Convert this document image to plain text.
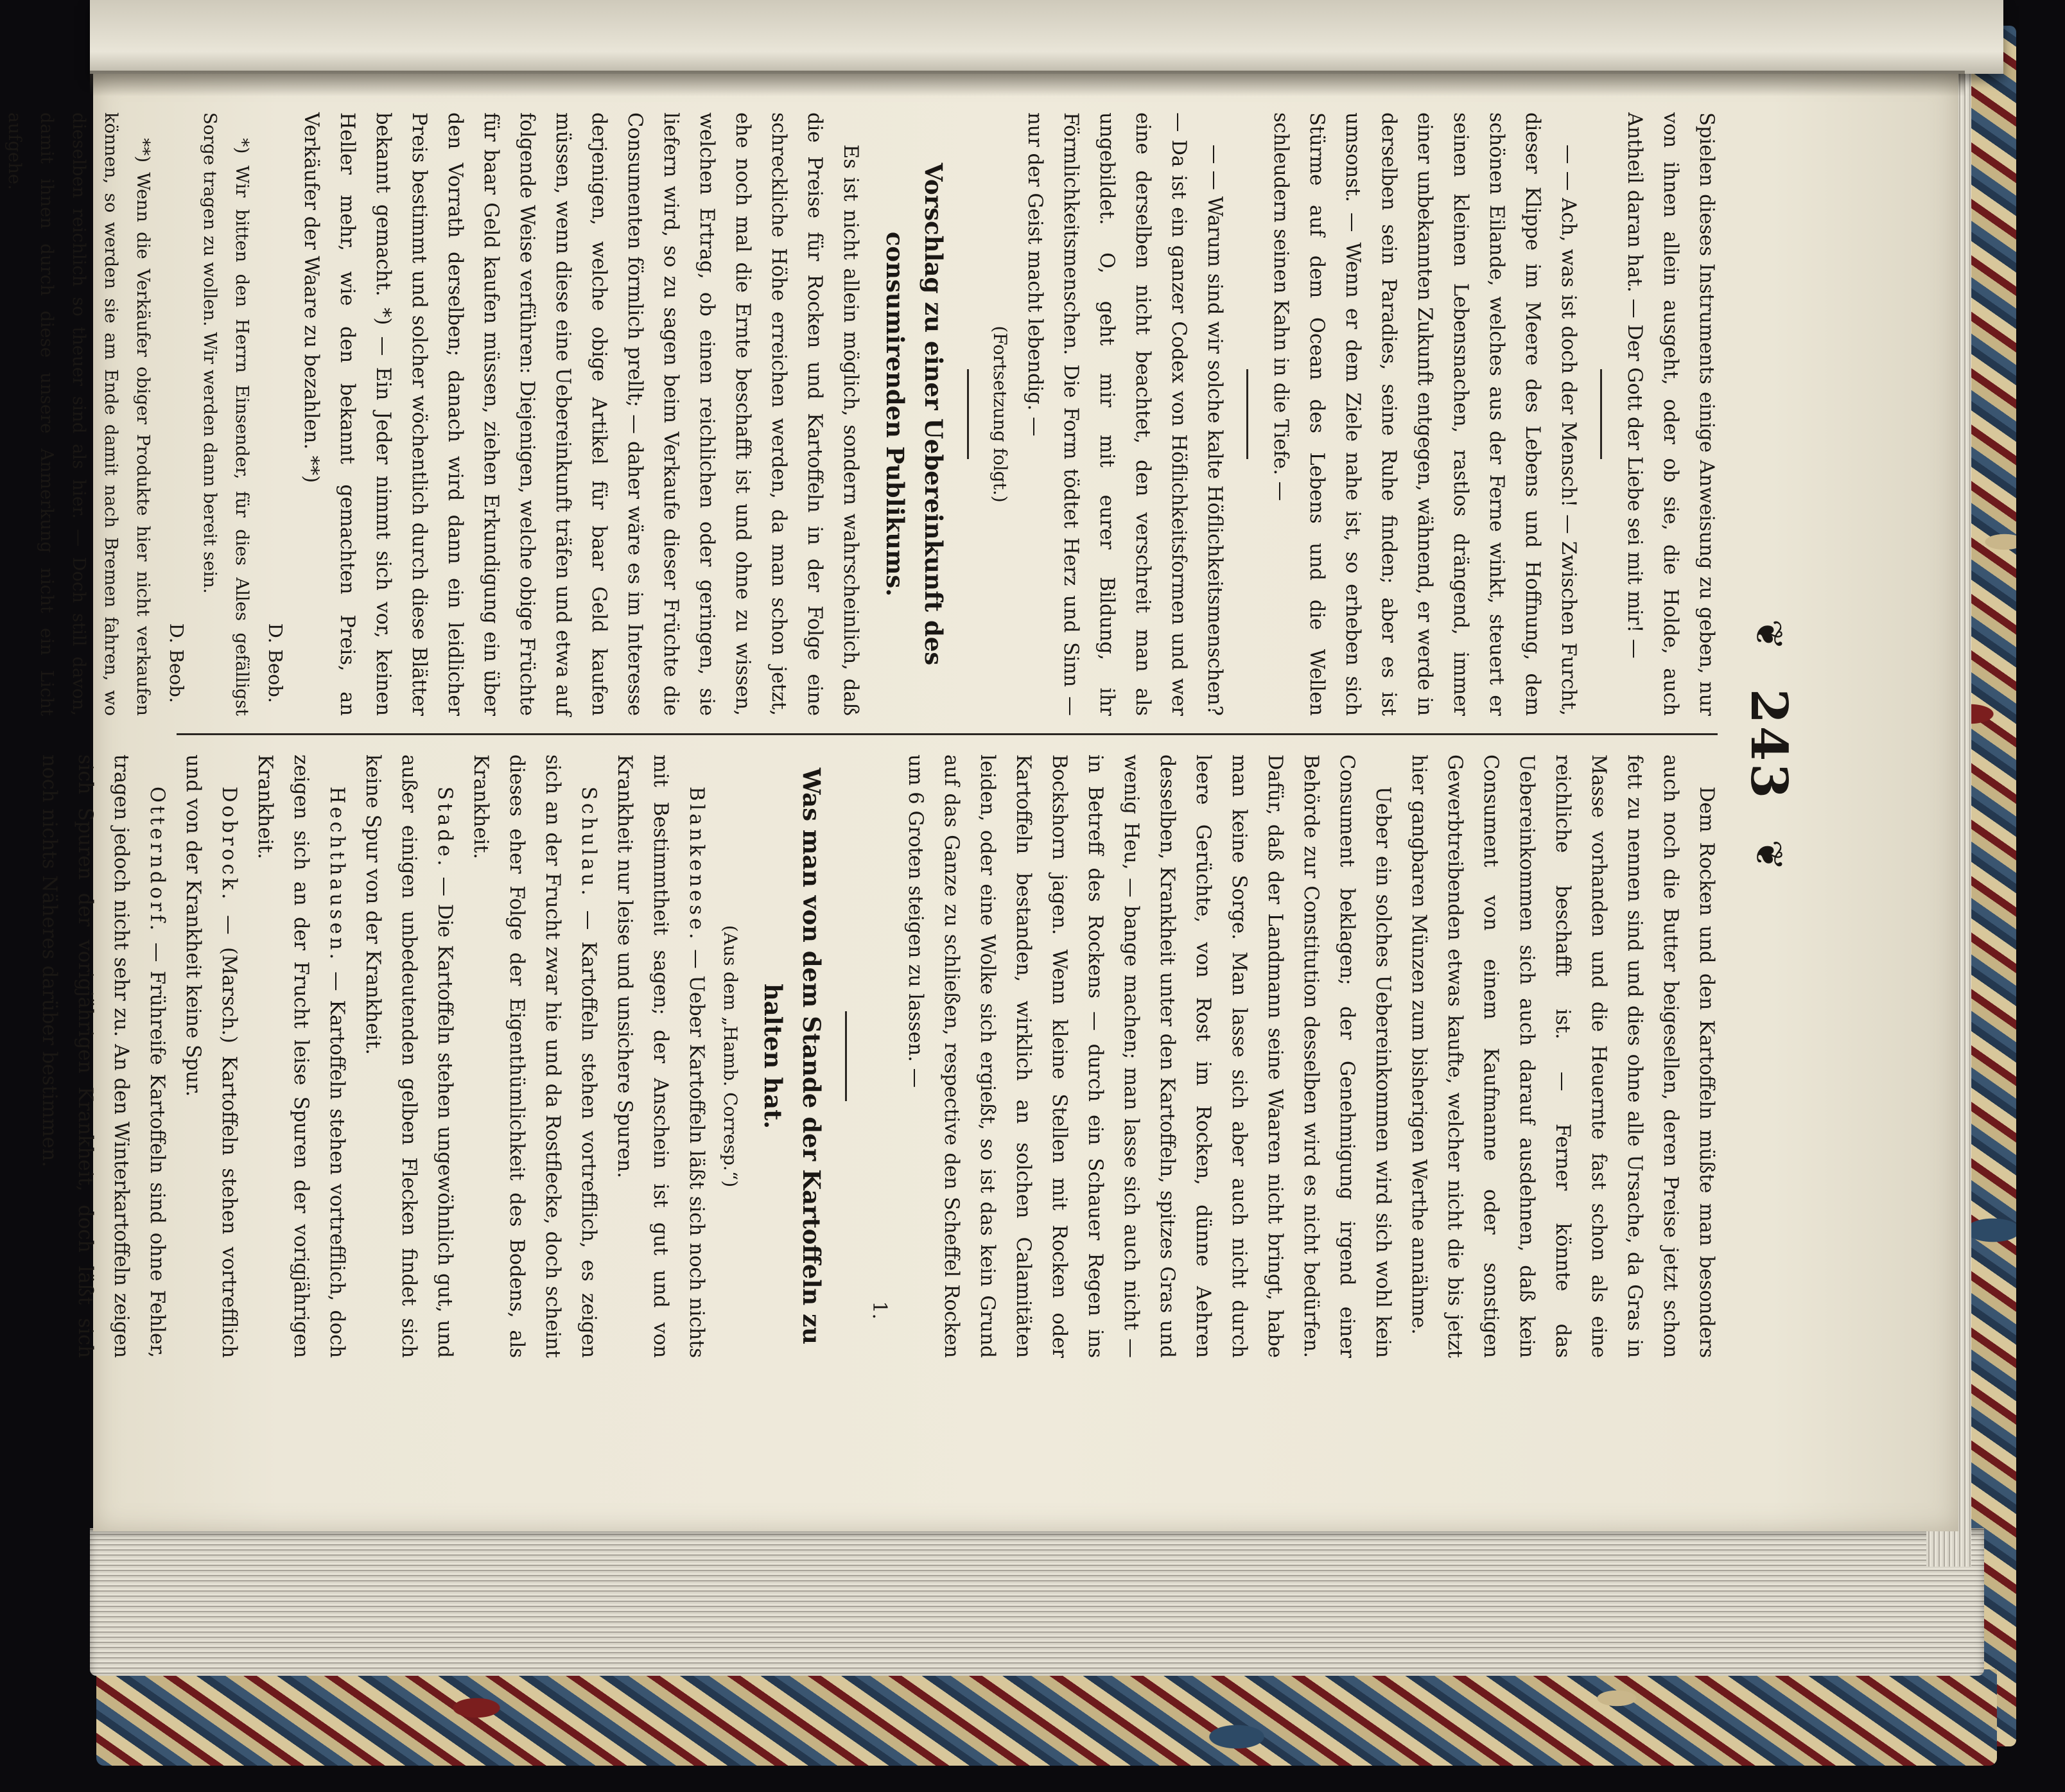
❦
243
❦

Spielen dieses Instruments einige Anweisung zu geben, nur von ihnen allein ausgeht, oder ob sie, die Holde, auch Antheil daran hat. — Der Gott der Liebe sei mit mir! —

— — Ach, was ist doch der Mensch! — Zwischen Furcht, dieser Klippe im Meere des Lebens und Hoffnung, dem schönen Eilande, welches aus der Ferne winkt, steuert er seinen kleinen Lebensnachen, rastlos drängend, immer einer unbekannten Zukunft entgegen, wähnend, er werde in derselben sein Paradies, seine Ruhe finden; aber es ist umsonst. — Wenn er dem Ziele nahe ist, so erheben sich Stürme auf dem Ocean des Lebens und die Wellen schleudern seinen Kahn in die Tiefe. —

— — Warum sind wir solche kalte Höflichkeitsmenschen? — Da ist ein ganzer Codex von Höflichkeitsformen und wer eine derselben nicht beachtet, den verschreit man als ungebildet. O, geht mir mit eurer Bildung, ihr Förmlichkeitsmenschen. Die Form tödtet Herz und Sinn — nur der Geist macht lebendig. —

(Fortsetzung folgt.)

Vorschlag zu einer Uebereinkunft des consumirenden Publikums.

Es ist nicht allein möglich, sondern wahrscheinlich, daß die Preise für Rocken und Kartoffeln in der Folge eine schreckliche Höhe erreichen werden, da man schon jetzt, ehe noch mal die Ernte beschafft ist und ohne zu wissen, welchen Ertrag, ob einen reichlichen oder geringen, sie liefern wird, so zu sagen beim Verkaufe dieser Früchte die Consumenten förmlich prellt; — daher wäre es im Interesse derjenigen, welche obige Artikel für baar Geld kaufen müssen, wenn diese eine Uebereinkunft träfen und etwa auf folgende Weise verführen: Diejenigen, welche obige Früchte für baar Geld kaufen müssen, ziehen Erkundigung ein über den Vorrath derselben; danach wird dann ein leidlicher Preis bestimmt und solcher wöchentlich durch diese Blätter bekannt gemacht. *) — Ein Jeder nimmt sich vor, keinen Heller mehr, wie den bekannt gemachten Preis, an Verkäufer der Waare zu bezahlen. **)

D. Beob.

*) Wir bitten den Herrn Einsender, für dies Alles gefälligst Sorge tragen zu wollen. Wir werden dann bereit sein.

D. Beob.

**) Wenn die Verkäufer obiger Produkte hier nicht verkaufen können, so werden sie am Ende damit nach Bremen fahren, wo dieselben reichlich so theuer sind als hier. — Doch still davon, damit ihnen durch diese unsere Anmerkung nicht ein Licht aufgehe.

Dem Rocken und den Kartoffeln müßte man besonders auch noch die Butter beigesellen, deren Preise jetzt schon fett zu nennen sind und dies ohne alle Ursache, da Gras in Masse vorhanden und die Heuernte fast schon als eine reichliche beschafft ist. — Ferner könnte das Uebereinkommen sich auch darauf ausdehnen, daß kein Consument von einem Kaufmanne oder sonstigen Gewerbtreibenden etwas kaufte, welcher nicht die bis jetzt hier gangbaren Münzen zum bisherigen Werthe annähme.

Ueber ein solches Uebereinkommen wird sich wohl kein Consument beklagen; der Genehmigung irgend einer Behörde zur Constitution desselben wird es nicht bedürfen. Dafür, daß der Landmann seine Waaren nicht bringt, habe man keine Sorge. Man lasse sich aber auch nicht durch leere Gerüchte, von Rost im Rocken, dünne Aehren desselben, Krankheit unter den Kartoffeln, spitzes Gras und wenig Heu, — bange machen; man lasse sich auch nicht — in Betreff des Rockens — durch ein Schauer Regen ins Bockshorn jagen. Wenn kleine Stellen mit Rocken oder Kartoffeln bestanden, wirklich an solchen Calamitäten leiden, oder eine Wolke sich ergießt, so ist das kein Grund auf das Ganze zu schließen, respective den Scheffel Rocken um 6 Groten steigen zu lassen. —

1.

Was man von dem Stande der Kartoffeln zu halten hat.

(Aus dem „Hamb. Corresp.“)

Blankenese. — Ueber Kartoffeln läßt sich noch nichts mit Bestimmtheit sagen; der Anschein ist gut und von Krankheit nur leise und unsichere Spuren.

Schulau. — Kartoffeln stehen vortrefflich, es zeigen sich an der Frucht zwar hie und da Rostflecke, doch scheint dieses eher Folge der Eigenthümlichkeit des Bodens, als Krankheit.

Stade. — Die Kartoffeln stehen ungewöhnlich gut, und außer einigen unbedeutenden gelben Flecken findet sich keine Spur von der Krankheit.

Hechthausen. — Kartoffeln stehen vortrefflich, doch zeigen sich an der Frucht leise Spuren der vorigjährigen Krankheit.

Dobrock. — (Marsch.) Kartoffeln stehen vortrefflich und von der Krankheit keine Spur.

Otterndorf. — Frühreife Kartoffeln sind ohne Fehler, tragen jedoch nicht sehr zu. An den Winterkartoffeln zeigen sich Spuren der vorigjährigen Krankheit, doch läßt sich noch nichts Näheres darüber bestimmen.
